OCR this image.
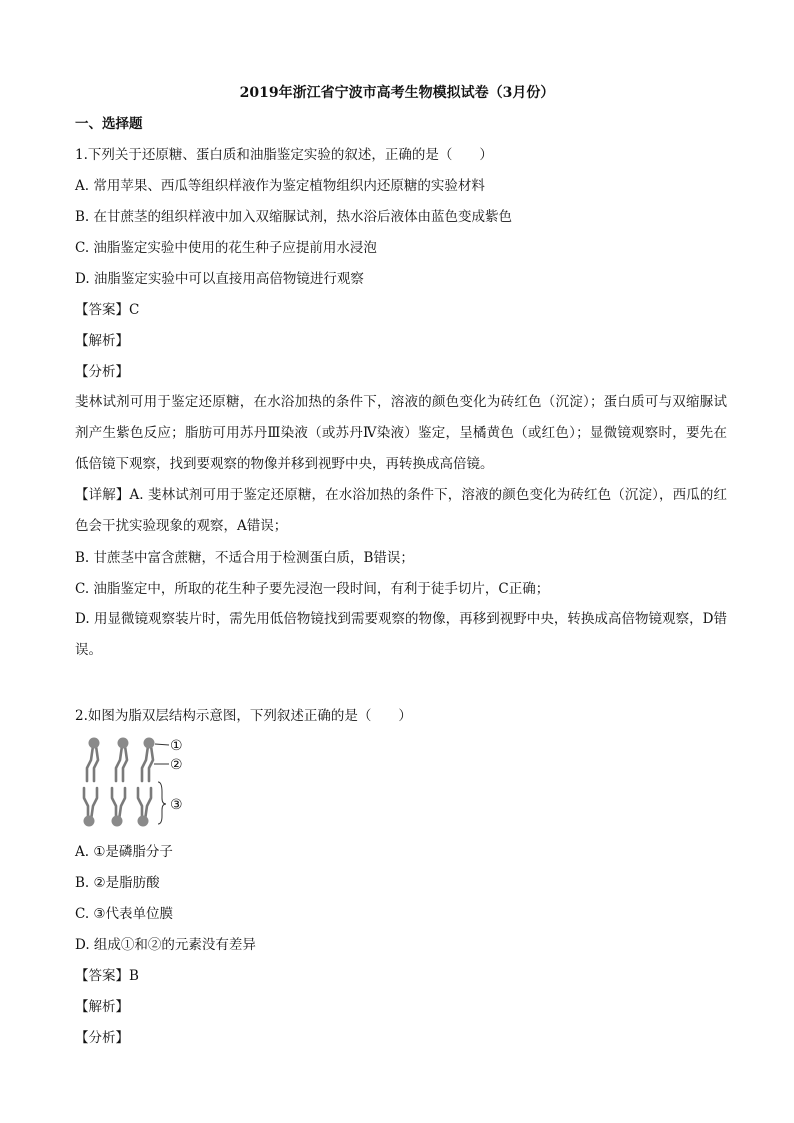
2019年浙江省宁波市高考生物模拟试卷（3月份）
一、选择题
1.下列关于还原糖、蛋白质和油脂鉴定实验的叙述，正确的是（　　）
A. 常用苹果、西瓜等组织样液作为鉴定植物组织内还原糖的实验材料
B. 在甘蔗茎的组织样液中加入双缩脲试剂，热水浴后液体由蓝色变成紫色
C. 油脂鉴定实验中使用的花生种子应提前用水浸泡
D. 油脂鉴定实验中可以直接用高倍物镜进行观察
【答案】C
【解析】
【分析】
斐林试剂可用于鉴定还原糖，在水浴加热的条件下，溶液的颜色变化为砖红色（沉淀）；蛋白质可与双缩脲试剂产生紫色反应；脂肪可用苏丹Ⅲ染液（或苏丹Ⅳ染液）鉴定，呈橘黄色（或红色）；显微镜观察时，要先在低倍镜下观察，找到要观察的物像并移到视野中央，再转换成高倍镜。
【详解】A. 斐林试剂可用于鉴定还原糖，在水浴加热的条件下，溶液的颜色变化为砖红色（沉淀），西瓜的红色会干扰实验现象的观察，A错误；
B. 甘蔗茎中富含蔗糖，不适合用于检测蛋白质，B错误；
C. 油脂鉴定中，所取的花生种子要先浸泡一段时间，有利于徒手切片，C正确；
D. 用显微镜观察装片时，需先用低倍物镜找到需要观察的物像，再移到视野中央，转换成高倍物镜观察，D错误。
2.如图为脂双层结构示意图，下列叙述正确的是（　　）
①
②
③
A. ①是磷脂分子
B. ②是脂肪酸
C. ③代表单位膜
D. 组成①和②的元素没有差异
【答案】B
【解析】
【分析】
